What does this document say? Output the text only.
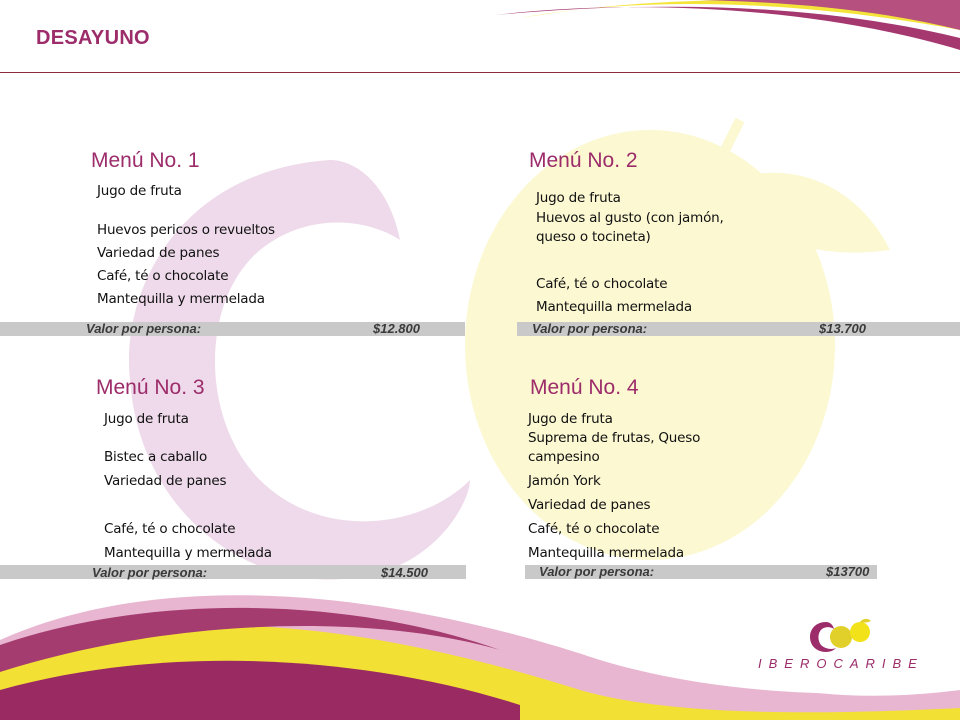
DESAYUNO
Menú No. 1
Jugo de fruta
Huevos pericos o revueltos
Variedad de panes
Café, té o chocolate
Mantequilla y mermelada
Valor por persona:	$12.800
Menú No. 2
Jugo de fruta
Huevos al gusto (con jamón,
queso o tocineta)
Café, té o chocolate
Mantequilla mermelada
Valor por persona:	$13.700
Menú No. 3
Jugo de fruta
Bistec a caballo
Variedad de panes
Café, té o chocolate
Mantequilla y mermelada
Valor por persona:	$14.500
Menú No. 4
Jugo de fruta
Suprema de frutas, Queso
campesino
Jamón York
Variedad de panes
Café, té o chocolate
Mantequilla mermelada
Valor por persona:	$13700
IBEROCARIBE
